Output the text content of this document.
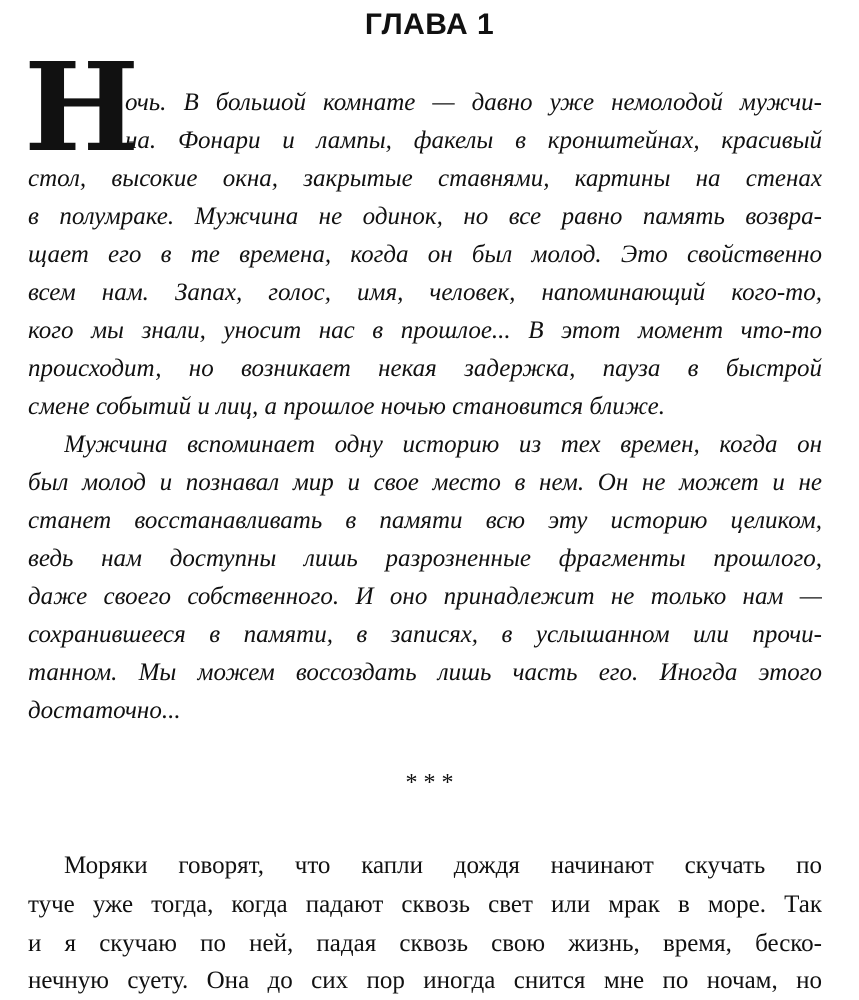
ГЛАВА 1
Н
очь. В большой комнате — давно уже немолодой мужчи-
на. Фонари и лампы, факелы в кронштейнах, красивый
стол, высокие окна, закрытые ставнями, картины на стенах
в полумраке. Мужчина не одинок, но все равно память возвра-
щает его в те времена, когда он был молод. Это свойственно
всем нам. Запах, голос, имя, человек, напоминающий кого-то,
кого мы знали, уносит нас в прошлое... В этот момент что-то
происходит, но возникает некая задержка, пауза в быстрой
смене событий и лиц, а прошлое ночью становится ближе.
Мужчина вспоминает одну историю из тех времен, когда он
был молод и познавал мир и свое место в нем. Он не может и не
станет восстанавливать в памяти всю эту историю целиком,
ведь нам доступны лишь разрозненные фрагменты прошлого,
даже своего собственного. И оно принадлежит не только нам —
сохранившееся в памяти, в записях, в услышанном или прочи-
танном. Мы можем воссоздать лишь часть его. Иногда этого
достаточно...
* * *
Моряки говорят, что капли дождя начинают скучать по
туче уже тогда, когда падают сквозь свет или мрак в море. Так
и я скучаю по ней, падая сквозь свою жизнь, время, беско-
нечную суету. Она до сих пор иногда снится мне по ночам, но
